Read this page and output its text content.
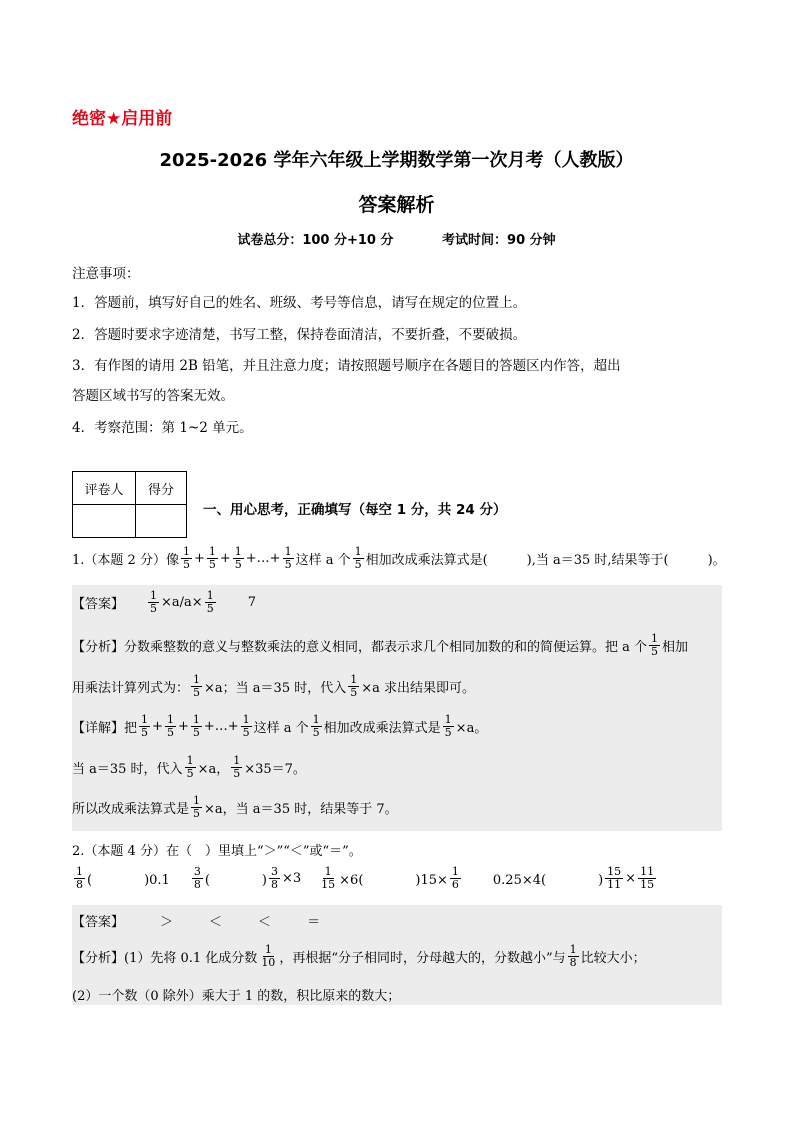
绝密★启用前
2025-2026 学年六年级上学期数学第一次月考（人教版）
答案解析
试卷总分：100 分+10 分	考试时间：90 分钟
注意事项：
1．答题前，填写好自己的姓名、班级、考号等信息，请写在规定的位置上。
2．答题时要求字迹清楚，书写工整，保持卷面清洁，不要折叠，不要破损。
3．有作图的请用 2B 铅笔，并且注意力度；请按照题号顺序在各题目的答题区内作答，超出
答题区域书写的答案无效。
4．考察范围：第 1~2 单元。
评卷人	得分

一、用心思考，正确填写（每空 1 分，共 24 分）
1.（本题 2 分）像 $\frac{1}{5} + \frac{1}{5} + \frac{1}{5}$ +…+ $\frac{1}{5}$ 这样 a 个 $\frac{1}{5}$ 相加改成乘法算式是(　　　),当 a＝35 时,结果等于(　　　)。
【答案】 $\frac{1}{5} \times a/a\times \frac{1}{5} 7$
【分析】 分数乘整数的意义与整数乘法的意义相同，都表示求几个相同加数的和的简便运算。把 a 个 $\frac{1}{5}$ 相加
用乘法计算列式为： $\frac{1}{5} \times a$；当 a＝35 时，代入 $\frac{1}{5} \times a$ 求出结果即可。
【详解】 把 $\frac{1}{5} + \frac{1}{5} + \frac{1}{5}$ +…+ $\frac{1}{5}$ 这样 a 个 $\frac{1}{5}$ 相加改成乘法算式是 $\frac{1}{5} \times a$。
当 a＝35 时，代入 $\frac{1}{5} \times a$， $\frac{1}{5} \times 35=7$。
所以改成乘法算式是 $\frac{1}{5} \times a$，当 a＝35 时，结果等于 7。
2.（本题 4 分）在（　）里填上“＞”“＜”或“＝”。
$\frac{1}{8}$ (　　　　)$0.1 \frac{3}{8}$ (　　　　) $\frac{3}{8} \times 3 \frac{1}{15} \times 6$(　　　　)$15\times \frac{1}{6} 0.25\times 4$(　　　　) $\frac{15}{11} \times \frac{11}{15}$
【答案】	＞	＜	＜	＝
【分析】 (1）先将 0.1 化成分数 $\frac{1}{10}$ ，再根据“分子相同时，分母越大的，分数越小”与 $\frac{1}{8}$ 比较大小；
(2）一个数（0 除外）乘大于 1 的数，积比原来的数大；
